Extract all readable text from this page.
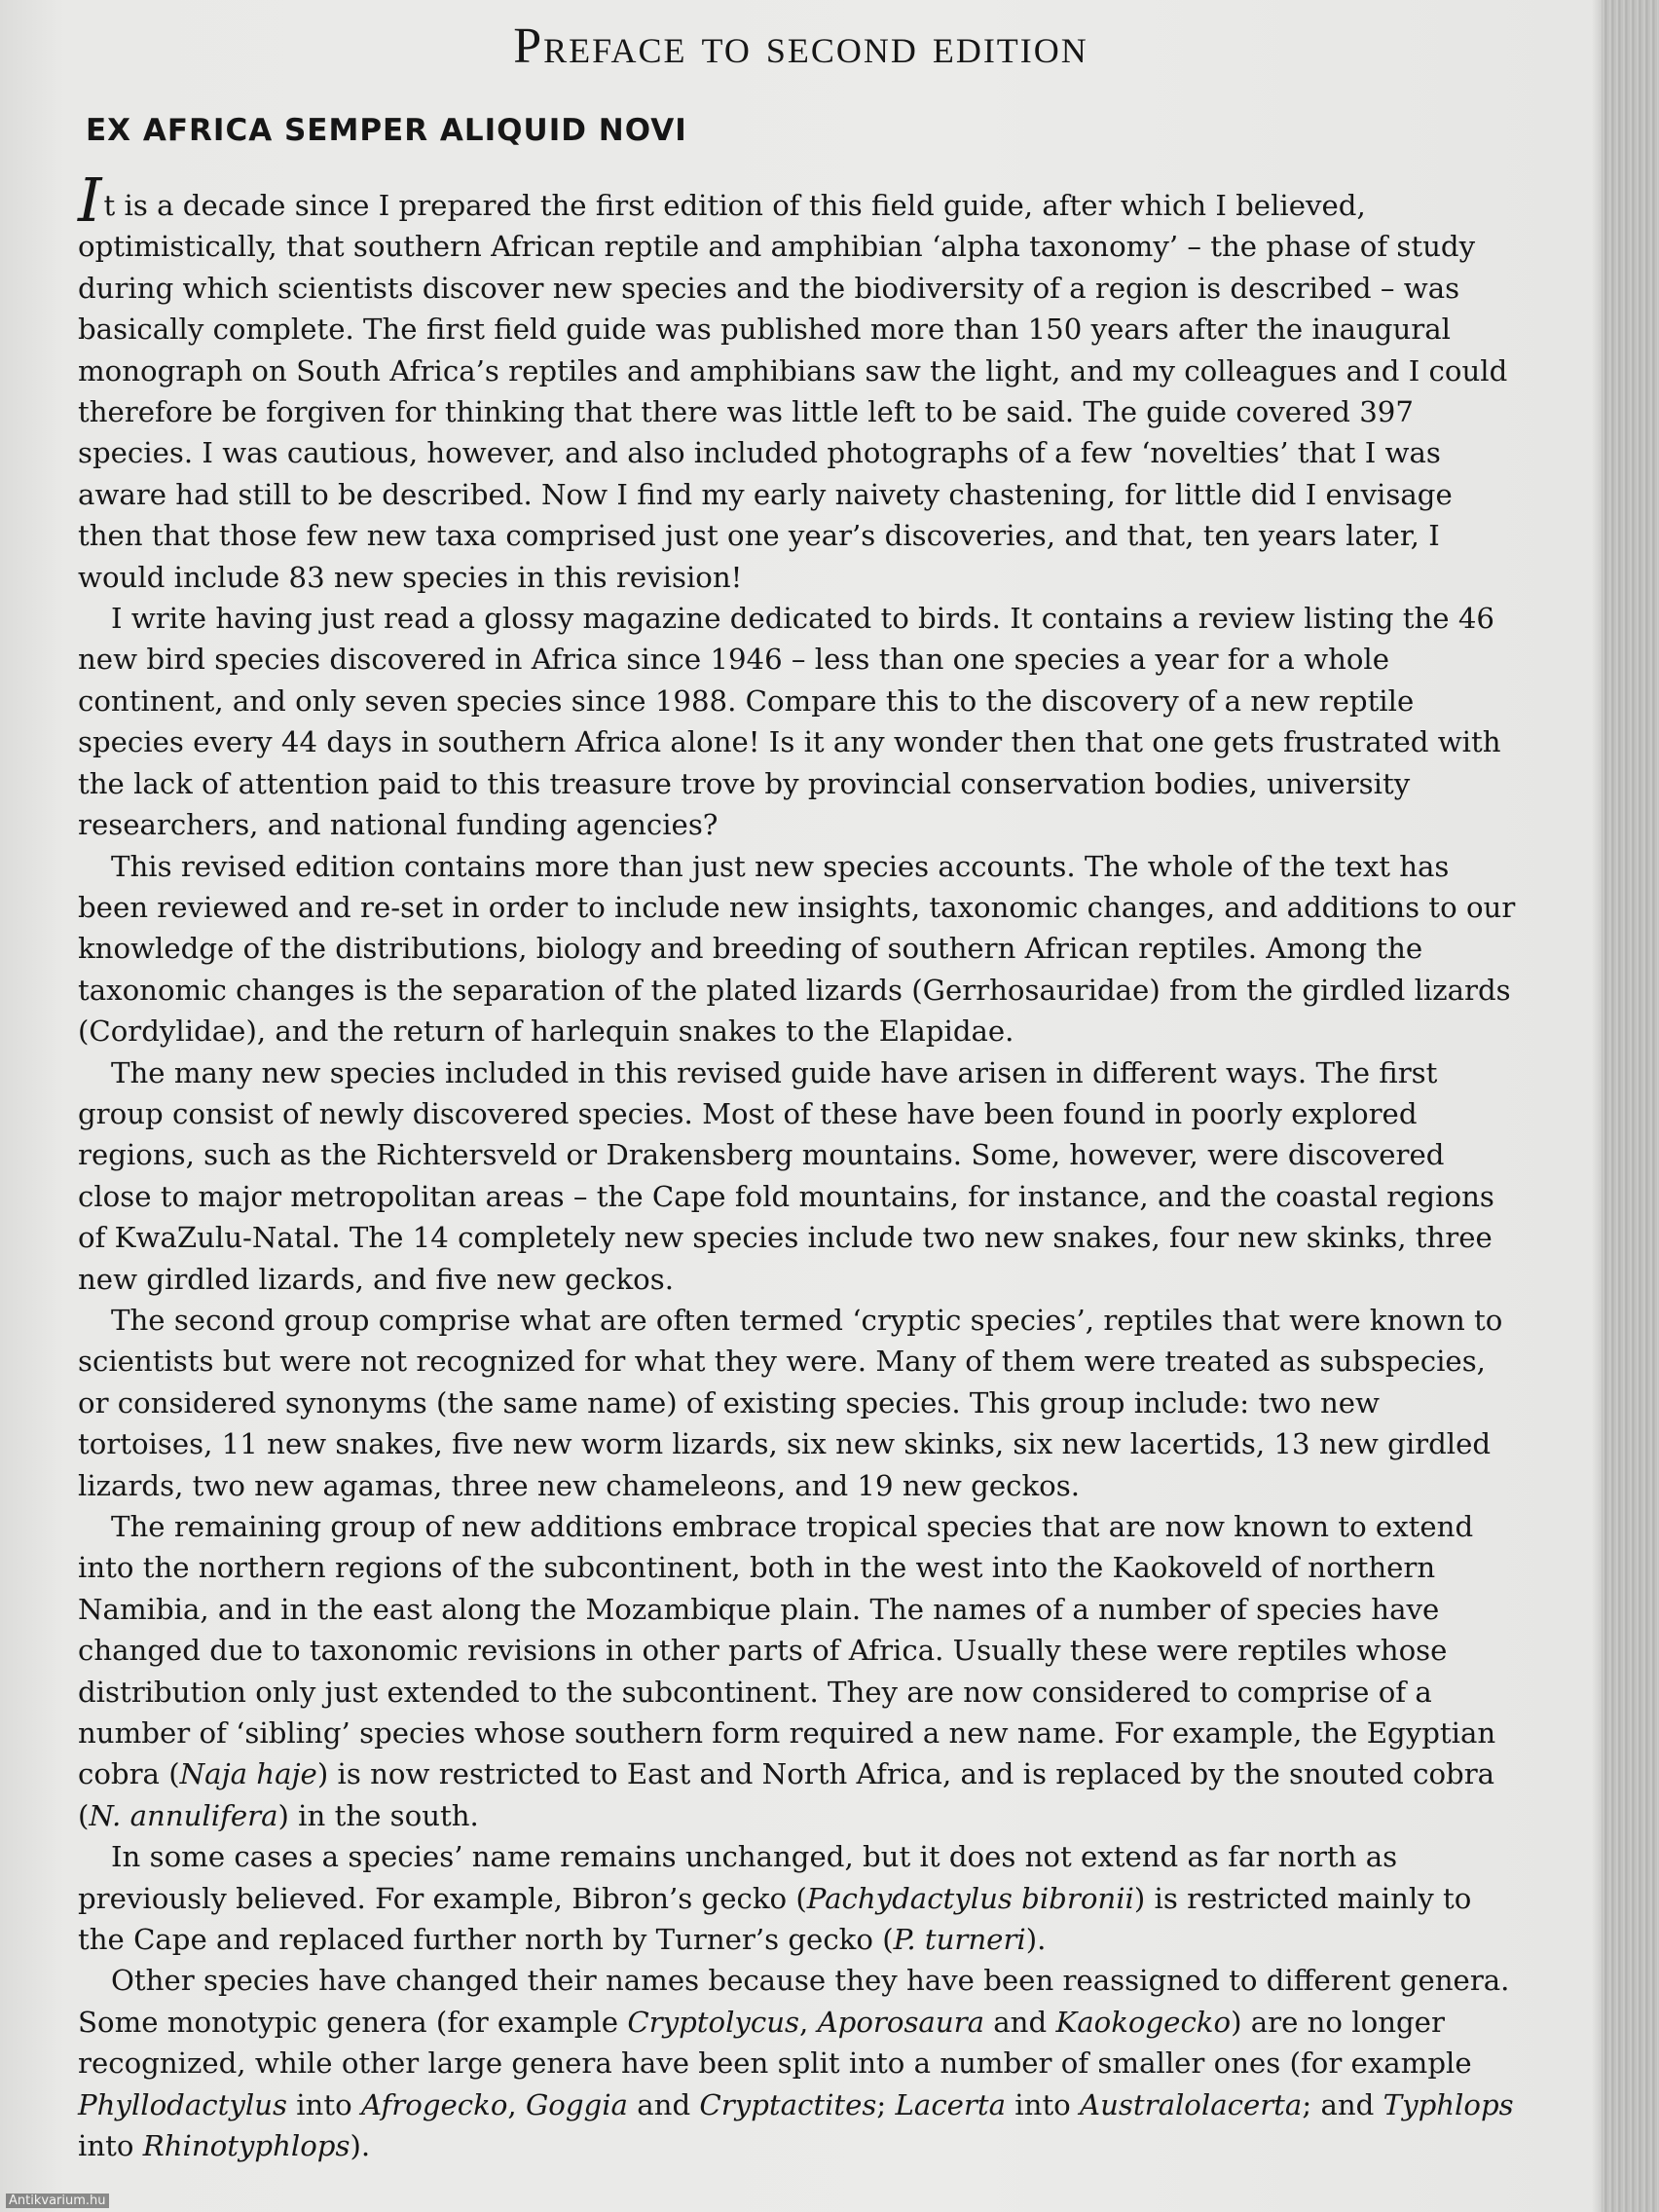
Preface to second edition
EX AFRICA SEMPER ALIQUID NOVI

It is a decade since I prepared the first edition of this field guide, after which I believed, optimistically, that southern African reptile and amphibian ‘alpha taxonomy’ – the phase of study during which scientists discover new species and the biodiversity of a region is described – was basically complete. The first field guide was published more than 150 years after the inaugural monograph on South Africa’s reptiles and amphibians saw the light, and my colleagues and I could therefore be forgiven for thinking that there was little left to be said. The guide covered 397 species. I was cautious, however, and also included photographs of a few ‘novelties’ that I was aware had still to be described. Now I find my early naivety chastening, for little did I envisage then that those few new taxa comprised just one year’s discoveries, and that, ten years later, I would include 83 new species in this revision!

I write having just read a glossy magazine dedicated to birds. It contains a review listing the 46 new bird species discovered in Africa since 1946 – less than one species a year for a whole continent, and only seven species since 1988. Compare this to the discovery of a new reptile species every 44 days in southern Africa alone! Is it any wonder then that one gets frustrated with the lack of attention paid to this treasure trove by provincial conservation bodies, university researchers, and national funding agencies?

This revised edition contains more than just new species accounts. The whole of the text has been reviewed and re-set in order to include new insights, taxonomic changes, and additions to our knowledge of the distributions, biology and breeding of southern African reptiles. Among the taxonomic changes is the separation of the plated lizards (Gerrhosauridae) from the girdled lizards (Cordylidae), and the return of harlequin snakes to the Elapidae.

The many new species included in this revised guide have arisen in different ways. The first group consist of newly discovered species. Most of these have been found in poorly explored regions, such as the Richtersveld or Drakensberg mountains. Some, however, were discovered close to major metropolitan areas – the Cape fold mountains, for instance, and the coastal regions of KwaZulu-Natal. The 14 completely new species include two new snakes, four new skinks, three new girdled lizards, and five new geckos.

The second group comprise what are often termed ‘cryptic species’, reptiles that were known to scientists but were not recognized for what they were. Many of them were treated as subspecies, or considered synonyms (the same name) of existing species. This group include: two new tortoises, 11 new snakes, five new worm lizards, six new skinks, six new lacertids, 13 new girdled lizards, two new agamas, three new chameleons, and 19 new geckos.

The remaining group of new additions embrace tropical species that are now known to extend into the northern regions of the subcontinent, both in the west into the Kaokoveld of northern Namibia, and in the east along the Mozambique plain. The names of a number of species have changed due to taxonomic revisions in other parts of Africa. Usually these were reptiles whose distribution only just extended to the subcontinent. They are now considered to comprise of a number of ‘sibling’ species whose southern form required a new name. For example, the Egyptian cobra (Naja haje) is now restricted to East and North Africa, and is replaced by the snouted cobra (N. annulifera) in the south.

In some cases a species’ name remains unchanged, but it does not extend as far north as previously believed. For example, Bibron’s gecko (Pachydactylus bibronii) is restricted mainly to the Cape and replaced further north by Turner’s gecko (P. turneri).

Other species have changed their names because they have been reassigned to different genera. Some monotypic genera (for example Cryptolycus, Aporosaura and Kaokogecko) are no longer recognized, while other large genera have been split into a number of smaller ones (for example Phyllodactylus into Afrogecko, Goggia and Cryptactites; Lacerta into Australolacerta; and Typhlops into Rhinotyphlops).

Antikvarium.hu
